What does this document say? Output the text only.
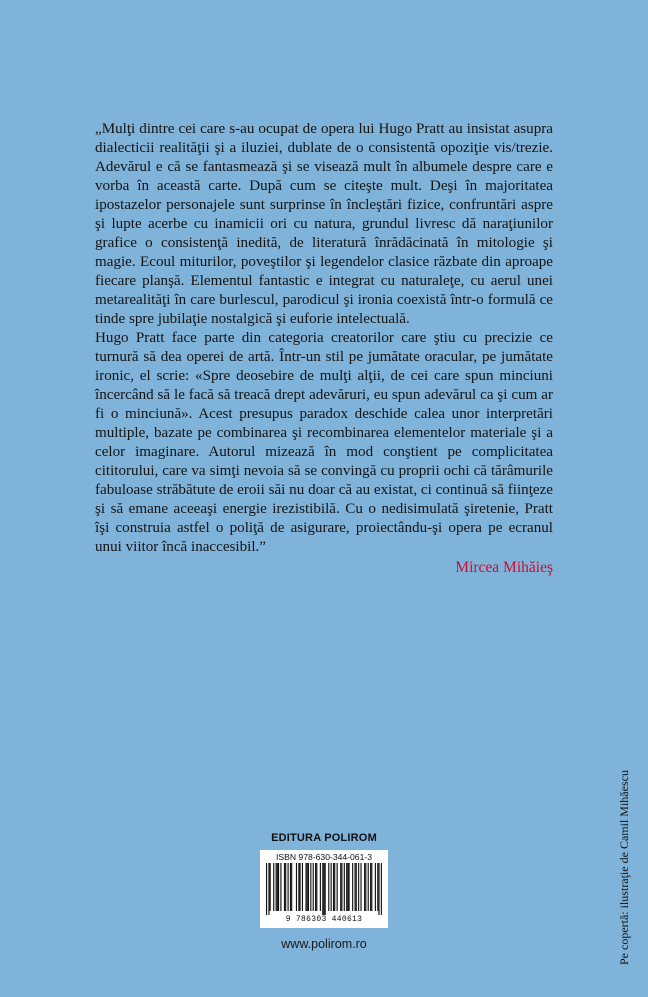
„Mulţi dintre cei care s-au ocupat de opera lui Hugo Pratt au insistat asupra dialecticii realităţii şi a iluziei, dublate de o consistentă opoziţie vis/trezie. Adevărul e că se fantasmează şi se visează mult în albumele despre care e vorba în această carte. După cum se citeşte mult. Deşi în majoritatea ipostazelor personajele sunt surprinse în încleştări fizice, confruntări aspre şi lupte acerbe cu inamicii ori cu natura, grundul livresc dă naraţiunilor grafice o consistenţă inedită, de literatură înrădăcinată în mitologie şi magie. Ecoul miturilor, poveştilor şi legendelor clasice răzbate din aproape fiecare planşă. Elementul fantastic e integrat cu naturaleţe, cu aerul unei metarealităţi în care burlescul, parodicul şi ironia coexistă într-o formulă ce tinde spre jubilaţie nostalgică şi euforie intelectuală.

Hugo Pratt face parte din categoria creatorilor care ştiu cu precizie ce turnură să dea operei de artă. Într-un stil pe jumătate oracular, pe jumătate ironic, el scrie: «Spre deosebire de mulţi alţii, de cei care spun minciuni încercând să le facă să treacă drept adevăruri, eu spun adevărul ca şi cum ar fi o minciună». Acest presupus paradox deschide calea unor interpretări multiple, bazate pe combinarea şi recombinarea elementelor materiale şi a celor imaginare. Autorul mizează în mod conştient pe complicitatea cititorului, care va simţi nevoia să se convingă cu proprii ochi că tărâmurile fabuloase străbătute de eroii săi nu doar că au existat, ci continuă să fiinţeze şi să emane aceeaşi energie irezistibilă. Cu o nedisimulată şiretenie, Pratt îşi construia astfel o poliţă de asigurare, proiectându-şi opera pe ecranul unui viitor încă inaccesibil.”

Mircea Mihăieş
EDITURA POLIROM
ISBN 978-630-344-061-3
9 786303 440613
www.polirom.ro	Pe copertă: ilustraţie de Camil Mihăescu
